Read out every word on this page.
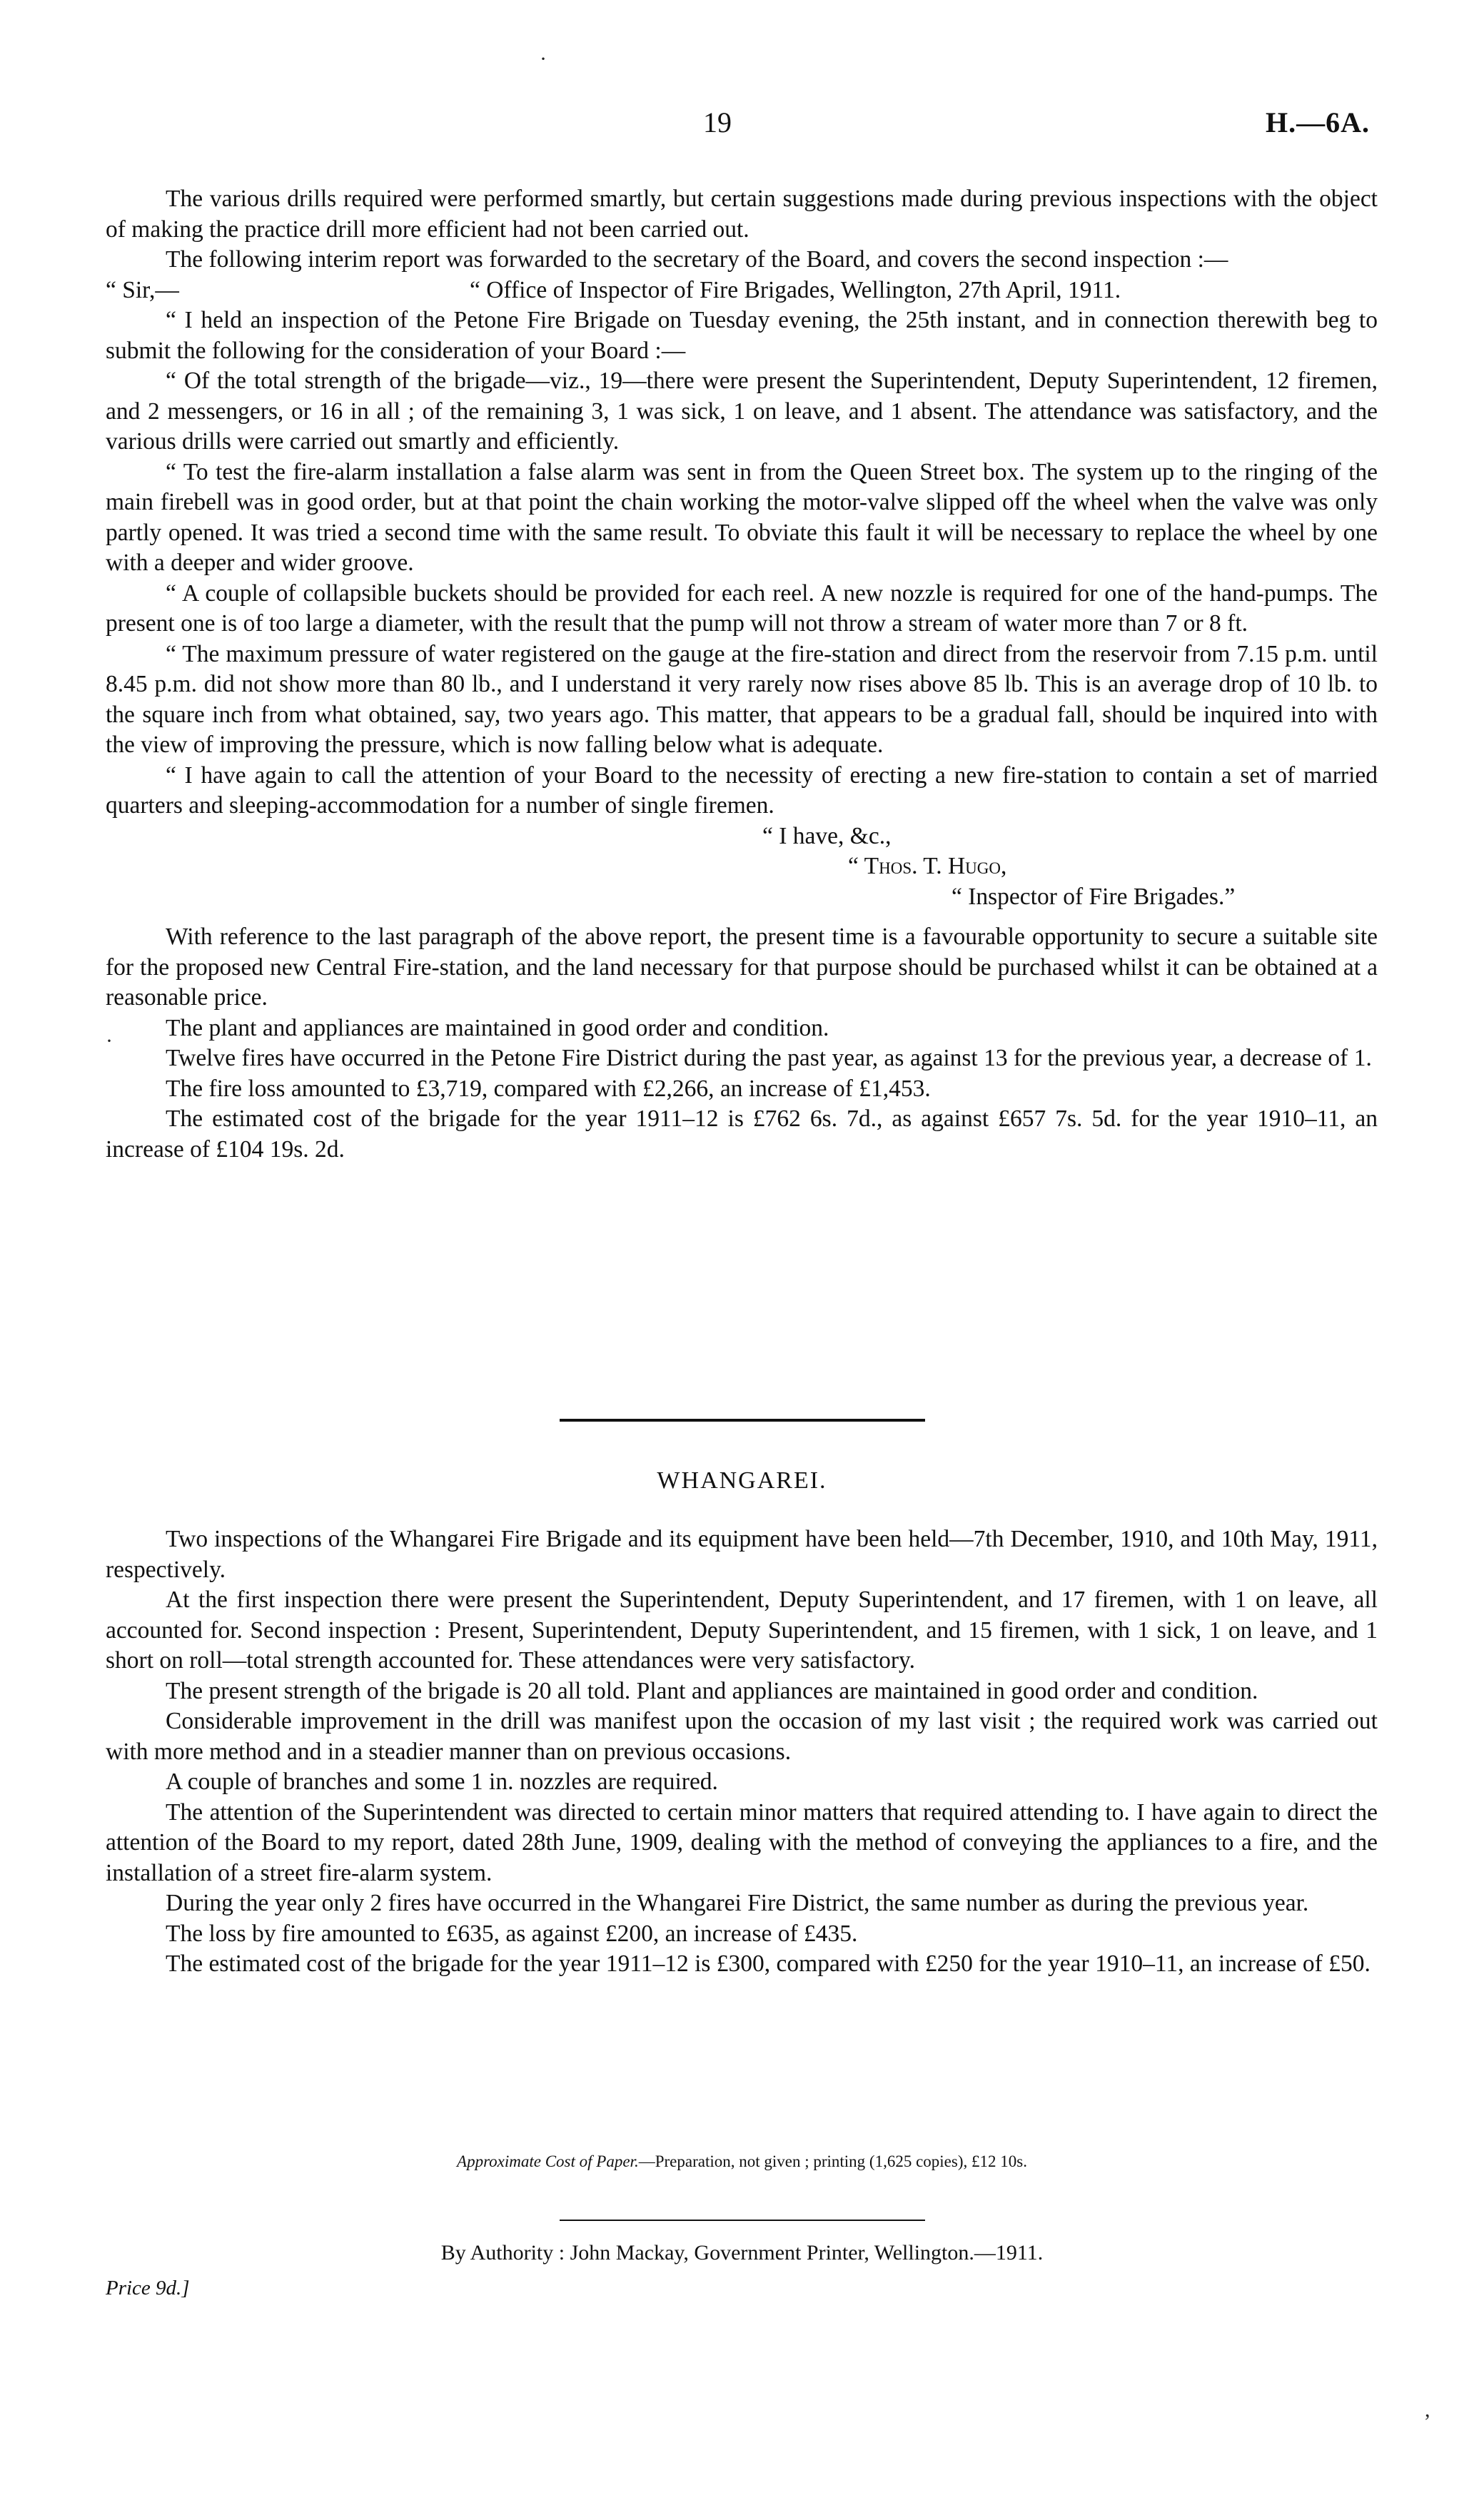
19	H.—6A.
·

The various drills required were performed smartly, but certain suggestions made during previous inspections with the object of making the practice drill more efficient had not been carried out.

The following interim report was forwarded to the secretary of the Board, and covers the second inspection :—

“ Sir,—	“ Office of Inspector of Fire Brigades, Wellington, 27th April, 1911.

“ I held an inspection of the Petone Fire Brigade on Tuesday evening, the 25th instant, and in connection therewith beg to submit the following for the consideration of your Board :—

“ Of the total strength of the brigade—viz., 19—there were present the Superintendent, Deputy Superintendent, 12 firemen, and 2 messengers, or 16 in all ; of the remaining 3, 1 was sick, 1 on leave, and 1 absent. The attendance was satisfactory, and the various drills were carried out smartly and efficiently.

“ To test the fire-alarm installation a false alarm was sent in from the Queen Street box. The system up to the ringing of the main firebell was in good order, but at that point the chain working the motor-valve slipped off the wheel when the valve was only partly opened. It was tried a second time with the same result. To obviate this fault it will be necessary to replace the wheel by one with a deeper and wider groove.

“ A couple of collapsible buckets should be provided for each reel. A new nozzle is required for one of the hand-pumps. The present one is of too large a diameter, with the result that the pump will not throw a stream of water more than 7 or 8 ft.

“ The maximum pressure of water registered on the gauge at the fire-station and direct from the reservoir from 7.15 p.m. until 8.45 p.m. did not show more than 80 lb., and I understand it very rarely now rises above 85 lb. This is an average drop of 10 lb. to the square inch from what obtained, say, two years ago. This matter, that appears to be a gradual fall, should be inquired into with the view of improving the pressure, which is now falling below what is adequate.

“ I have again to call the attention of your Board to the necessity of erecting a new fire-station to contain a set of married quarters and sleeping-accommodation for a number of single firemen.

“ I have, &c.,

“ Thos. T. Hugo,

“ Inspector of Fire Brigades.”

With reference to the last paragraph of the above report, the present time is a favourable opportunity to secure a suitable site for the proposed new Central Fire-station, and the land necessary for that purpose should be purchased whilst it can be obtained at a reasonable price.

The plant and appliances are maintained in good order and condition.

Twelve fires have occurred in the Petone Fire District during the past year, as against 13 for the previous year, a decrease of 1.

The fire loss amounted to £3,719, compared with £2,266, an increase of £1,453.

The estimated cost of the brigade for the year 1911–12 is £762 6s. 7d., as against £657 7s. 5d. for the year 1910–11, an increase of £104 19s. 2d.

WHANGAREI.

Two inspections of the Whangarei Fire Brigade and its equipment have been held—7th December, 1910, and 10th May, 1911, respectively.

At the first inspection there were present the Superintendent, Deputy Superintendent, and 17 firemen, with 1 on leave, all accounted for. Second inspection : Present, Superintendent, Deputy Superintendent, and 15 firemen, with 1 sick, 1 on leave, and 1 short on roll—total strength accounted for. These attendances were very satisfactory.

The present strength of the brigade is 20 all told. Plant and appliances are maintained in good order and condition.

Considerable improvement in the drill was manifest upon the occasion of my last visit ; the required work was carried out with more method and in a steadier manner than on previous occasions.

A couple of branches and some 1 in. nozzles are required.

The attention of the Superintendent was directed to certain minor matters that required attending to. I have again to direct the attention of the Board to my report, dated 28th June, 1909, dealing with the method of conveying the appliances to a fire, and the installation of a street fire-alarm system.

During the year only 2 fires have occurred in the Whangarei Fire District, the same number as during the previous year.

The loss by fire amounted to £635, as against £200, an increase of £435.

The estimated cost of the brigade for the year 1911–12 is £300, compared with £250 for the year 1910–11, an increase of £50.

Approximate Cost of Paper.—Preparation, not given ; printing (1,625 copies), £12 10s.
By Authority : John Mackay, Government Printer, Wellington.—1911.
Price 9d.]
·
,
